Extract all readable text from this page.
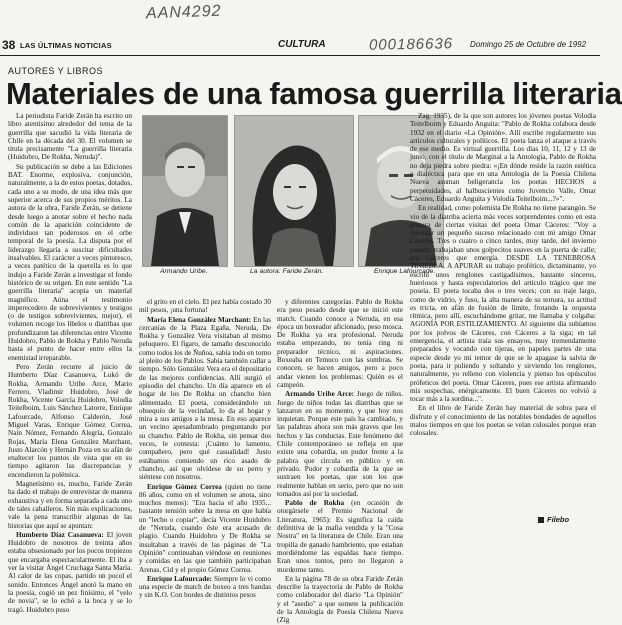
AAN4292
000186636
38 LAS ÚLTIMAS NOTICIAS	CULTURA	Domingo 25 de Octubre de 1992
AUTORES Y LIBROS
Materiales de una famosa guerrilla literaria

La periodista Faride Zerán ha escrito un libro atentísimo alrededor del tema de la guerrilla que sacudió la vida literaria de Chile en la década del 30. El volumen se titula precisamente "La guerrilla literaria (Huidobro, De Rokha, Neruda)".

Su publicación se debe a las Ediciones BAT. Enorme, explosiva, conjunción, naturalmente, a la de estos poetas, dotados, cada uno a su modo, de una idea más que superior acerca de sus propios méritos. La autora de la obra, Faride Zerán, se detiene desde luego a anotar sobre el hecho nada común de la aparición coincidente de individuos tan poderosos en el orbe temporal de la poesía. La disputa por el liderazgo llegaría a suscitar dificultades insalvables. El carácter a veces pintoresco, a veces patético de la querella es lo que indujo a Faride Zerán a investigar el fondo histórico de su origen. En este sentido "La guerrilla literaria" acopia un material magnífico. Aúna el testimonio imperecedero de sobrevivientes y testigos (o de testigos sobrevivientes, mejor), el volumen recoge los libelos o diatribas que profundizaron las diferencias entre Vicente Huidobro, Pablo de Rokha y Pablo Neruda hasta el punto de hacer entre ellos la enemistad irreparable.

Pero Zerán recurre al juicio de Humberto Díaz Casanueva, Lukó de Rokha, Armando Uribe Arce, Mario Ferrero, Vladimir Huidobro, José de Rokha, Vicente García Huidobro, Volodia Teitelboim, Luis Sánchez Latorre, Enrique Lafourcade, Alfonso Calderón, José Miguel Varas, Enrique Gómez Correa, Naín Nómez, Fernando Alegría, Gonzalo Rojas, María Elena González Marchant, Justo Alarcón y Hernán Poza en su afán de enaltecer los puntos de vista que en su tiempo agitaron las discrepancias y encendieron la polémica.

Magnetísimo es, mucho, Faride Zerán ha dado el trabajo de entrevistar de manera exhaustiva y en forma separada a cada uno de tales caballeros. Sin más explicaciones, vale la pena transcribir algunas de las historias que aquí se apuntan:

Humberto Díaz Casanueva: El joven Huidobro de nosotros de treinta años estaba obsesionado por los pocos tropiezos que encargaba espectacularmente. El iba a ver la visitar Ángel Cruchaga Santa María. Al calor de las copas, partido un pocol el sonido. Entonces Ángel anotó la mano en la poesía, cogió un pez finísimo, el "velo de novia", se lo echó a la boca y se lo tragó. Huidobro puso

Armando Uribe.	La autora: Faride Zerán.	Enrique Lafourcade.

el grito en el cielo. El pez había costado 30 mil pesos, ¡una fortuna!

María Elena González Marchant: En las cercanías de la Plaza Egaña, Neruda, De Rokha y González Vera visitaban al mismo peluquero. El fígaro, de tamaño desconocido como todos los de Ñuñoa, sabía todo en torno al pleito de los Pablos. Sabía también callar a tiempo. Sólo González Vera era el depositario de las mejores confidencias. Allí surgió el episodio del chancho. Un día aparece en el hogar de los De Rokha un chancho bien alimentado. El poeta, considerándolo un obsequio de la vecindad, lo da al hogar y mira a sus amigos a la mesa. En eso aparece un vecino apesadumbrado preguntando por su chancho. Pablo de Rokha, sin pensar dos veces, le contesta: ¡Cuánto lo lamento, compañero, pero qué casualidad! Justo estábamos comiendo un rico asado de chancho, así que olvídese de su perro y siéntese con nosotros.

Enrique Gómez Correa (quien no tiene 86 años, como en el volumen se anota, sino muchos menos): "Era hacia el año 1935... bastante tensión sobre la mesa en que había un "lecho o copiar", decía Vicente Huidobro de "Neruda, cuando éste era acusado de plagio. Cuando Huidobro y De Rokha se insultaban a través de las páginas de "La Opinión" continuaban viéndose en reuniones y comidas en las que también participaban Arenas, Cid y el propio Gómez Correa.

Enrique Lafourcade: Siempre lo vi como una especie de match de boxeo a tres bandas y sin K.O. Con bordes de distintos pesos

y diferentes categorías. Pablo de Rokha era peso pesado desde que se inició este match. Cuando conoce a Neruda, en esa época un boxeador aficionado, peso mosca. De Rokha ya era profesional. Neruda estaba empezando, no tenía ring ni preparador técnico, ni aspiraciones. Boxeaba en Temuco con las sombras. Se conocen, se hacen amigos, pero a poco andar vienen los problemas: Quién es el campeón.

Armando Uribe Arce: Juego de niños. Juego de niños todas las diatribas que se lanzaron en su momento, y que hoy nos inquietan. Porque este país ha cambiado, y las palabras ahora son más graves que los hechos y las conductas. Este fenómeno del Chile contemporáneo se refleja en que existe una cobardía, un pudor frente a la palabra que circula en público y en privado. Pudor y cobardía de la que se sustraen los poetas, que son los que realmente hablan en serio, pero que no son tomados así por la sociedad.

Pablo de Rokha (en ocasión de otorgársele el Premio Nacional de Literatura, 1965): Es significa la caída definitiva de la mafia vendida y la "Cosa Nostra" en la literatura de Chile. Eran una tropilla de ganado hambriento, que estaban mordiéndome las espaldas hace tiempo. Eran unos tontos, pero no llegaron a morderme tanto.

En la página 78 de su obra Faride Zerán describe la trayectoria de Pablo de Rokha como colaborador del diario "La Opinión" y el "asedio" a que somete la publicación de la Antología de Poesía Chilena Nueva (Zig

Zag, 1935), de la que son autores los jóvenes poetas Volodia Teitelboim y Eduardo Anguita: "Pablo de Rokha colabora desde 1932 en el diario «La Opinión». Allí escribe regularmente sus artículos culturales y políticos. El poeta lanza el ataque a través de ese medio. Es virtual guerrilla. Los días 10, 11, 12 y 13 de junio, con el título de Marginal a la Antología, Pablo de Rokha no deja piedra sobre piedra: «¡En dónde reside la razón estética o dialéctica para que en una Antología de la Poesía Chilena Nueva asuman beligerancia los poetas HECHOS a perpetuidades, al halbuscientes como Juvencio Valle, Omar Cáceres, Eduardo Anguita y Volodia Teitelboim...?»".

En realidad, como polemista De Rokha no tiene parangón. Se vio de la diatriba acierta más veces sorprendentes como en esta pintura de ciertas visitas del poeta Omar Cáceres: "Voy a recordar un pequeño suceso relacionado con mi amigo Omar Cáceres. Tres o cuatro o cinco tardes, muy tarde, del invierno pasado, trabajaban unos golpecitos suaves en la puerta de calle; era Cáceres que emergía. DESDE LA TENEBROSA TINIEBLA, A APURAR su trabajo profético, dictaminante, yo escribí unos renglones castigadísimos, bastante sinceros, hueriosos y hasta especulatorios del artículo trágico que me poseía. El poeta tocaba dos o tres veces; con su traje largo, como de vidrio, y fuso, la alta manera de su ternura, su actitud es tricta, en afán de fusión de límite, frotando la orquesta rítmica, pero allí, escuchándome gritar, me llamaba y colgaba: AGONÍA POR ESTILIZAMIENTO. Al siguiente día subíamos por los polvos de Cáceres, con Cáceres a la siga; en tal emergencia, el artista traía sus ensayos, muy tremendamente preparados y vocando con tijeras, en papeles partes de una especie desde yo mi temor de que se le apagase la salvia de poeta, para ir puliendo y soltando y sirviendo los renglones, naturalmente, yo relleno con violencia y pienso los opúsculos prófeticos del poeta. Omar Cáceres, pues ese artista afirmando mis sospechas, enérgicamente. El buen Cáceres no volvió a tocar más a la sordina...".

En el libro de Faride Zerán hay material de sobra para el disfrute y el conocimiento de las notables bondades de aquellos malos tiempos en que los poetas se velan culosales porque eran colosales.

Filebo
